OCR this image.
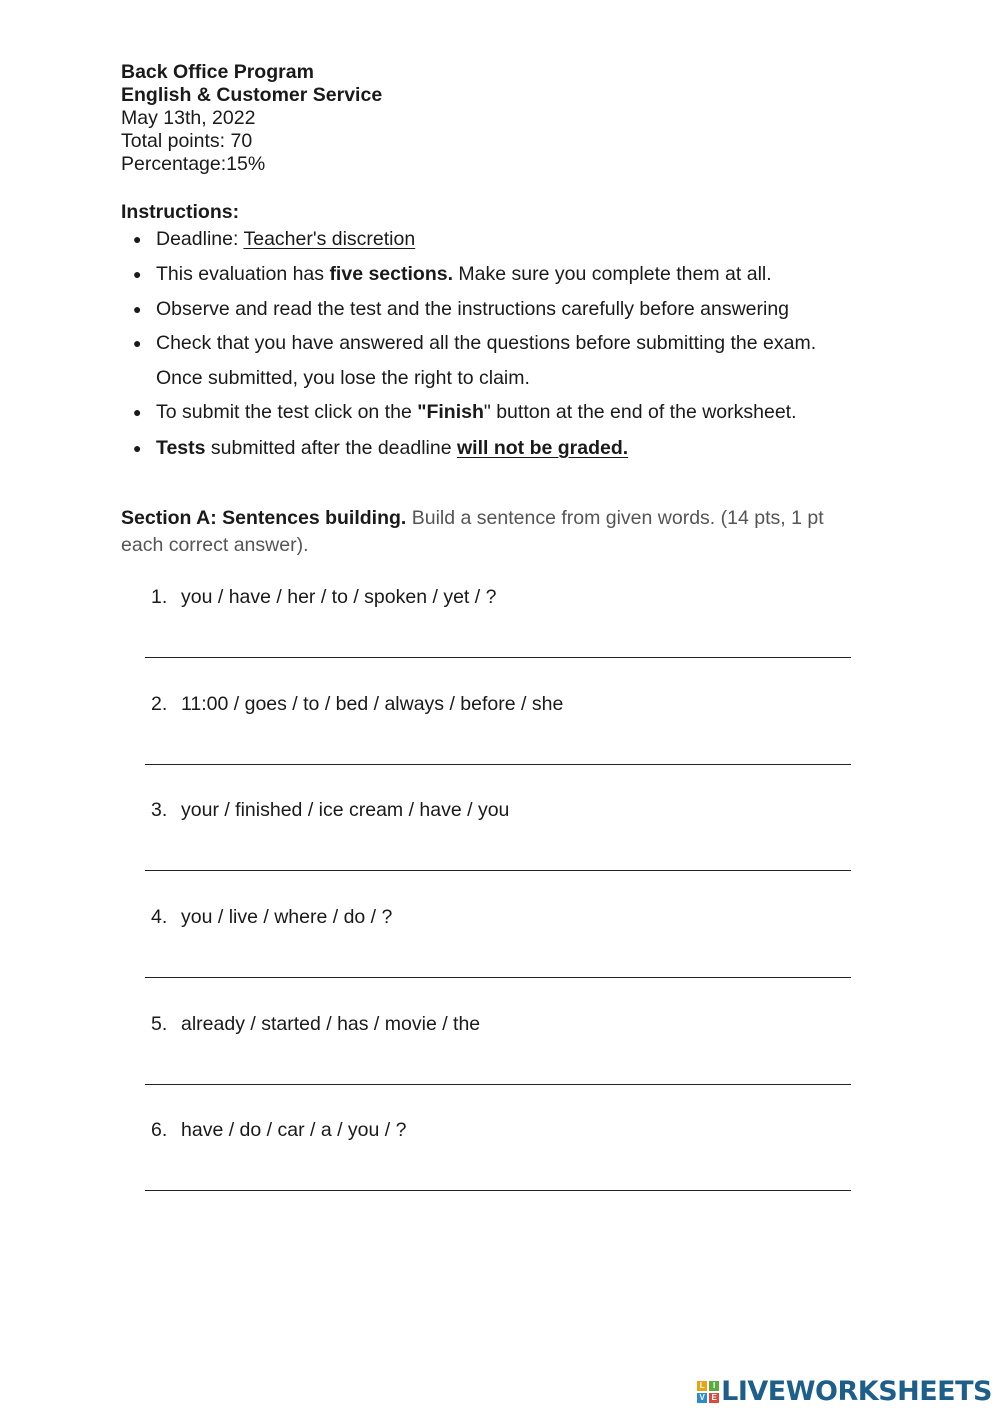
Back Office Program
English & Customer Service
May 13th, 2022
Total points: 70
Percentage:15%
Instructions:
● Deadline: Teacher's discretion
● This evaluation has five sections. Make sure you complete them at all.
● Observe and read the test and the instructions carefully before answering
● Check that you have answered all the questions before submitting the exam.
Once submitted, you lose the right to claim.
● To submit the test click on the "Finish" button at the end of the worksheet.
● Tests submitted after the deadline will not be graded.
Section A: Sentences building. Build a sentence from given words. (14 pts, 1 pt each correct answer).
1. you / have / her / to / spoken / yet / ?
2. 11:00 / goes / to / bed / always / before / she
3. your / finished / ice cream / have / you
4. you / live / where / do / ?
5. already / started / has / movie / the
6. have / do / car / a / you / ?
L	I
V E LIVEWORKSHEETS
